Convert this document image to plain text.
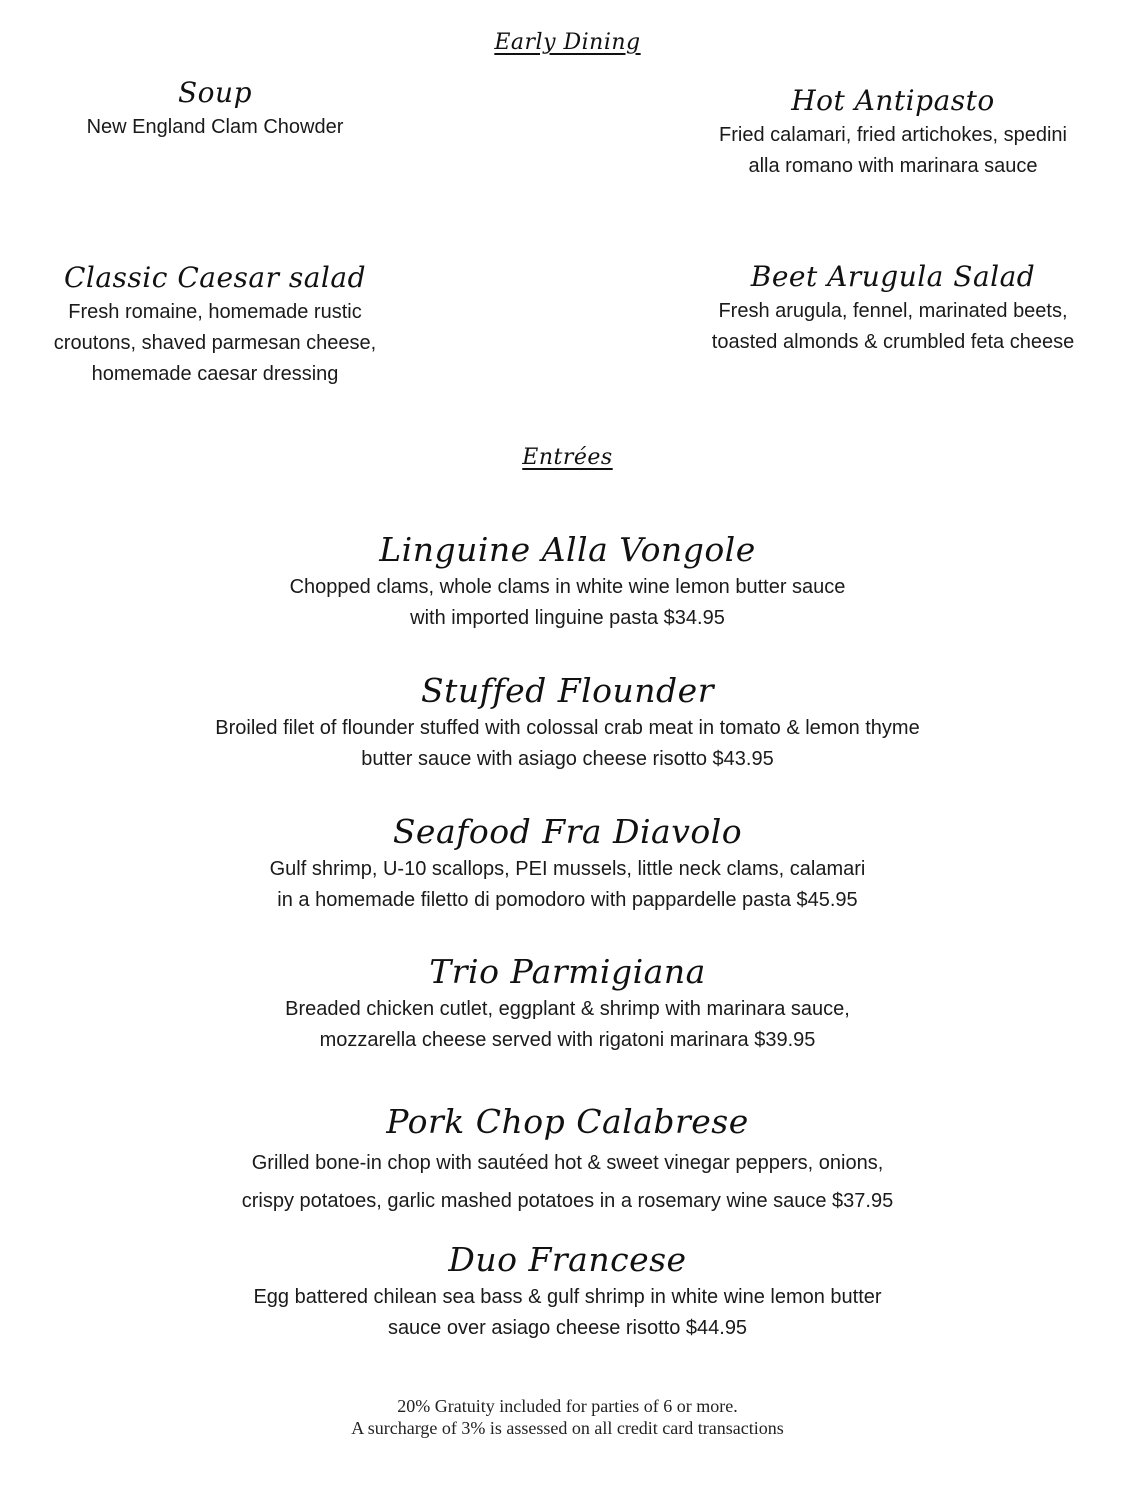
Early Dining

Soup

New England Clam Chowder

Hot Antipasto

Fried calamari, fried artichokes, spedini
alla romano with marinara sauce

Classic Caesar salad

Fresh romaine, homemade rustic
croutons, shaved parmesan cheese,
homemade caesar dressing

Beet Arugula Salad

Fresh arugula, fennel, marinated beets,
toasted almonds & crumbled feta cheese

Entrées

Linguine Alla Vongole

Chopped clams, whole clams in white wine lemon butter sauce
with imported linguine pasta $34.95

Stuffed Flounder

Broiled filet of flounder stuffed with colossal crab meat in tomato & lemon thyme
butter sauce with asiago cheese risotto $43.95

Seafood Fra Diavolo

Gulf shrimp, U-10 scallops, PEI mussels, little neck clams, calamari
in a homemade filetto di pomodoro with pappardelle pasta $45.95

Trio Parmigiana

Breaded chicken cutlet, eggplant & shrimp with marinara sauce,
mozzarella cheese served with rigatoni marinara $39.95

Pork Chop Calabrese

Grilled bone-in chop with sautéed hot & sweet vinegar peppers, onions,
crispy potatoes, garlic mashed potatoes in a rosemary wine sauce $37.95

Duo Francese

Egg battered chilean sea bass & gulf shrimp in white wine lemon butter
sauce over asiago cheese risotto $44.95

20% Gratuity included for parties of 6 or more.
A surcharge of 3% is assessed on all credit card transactions
